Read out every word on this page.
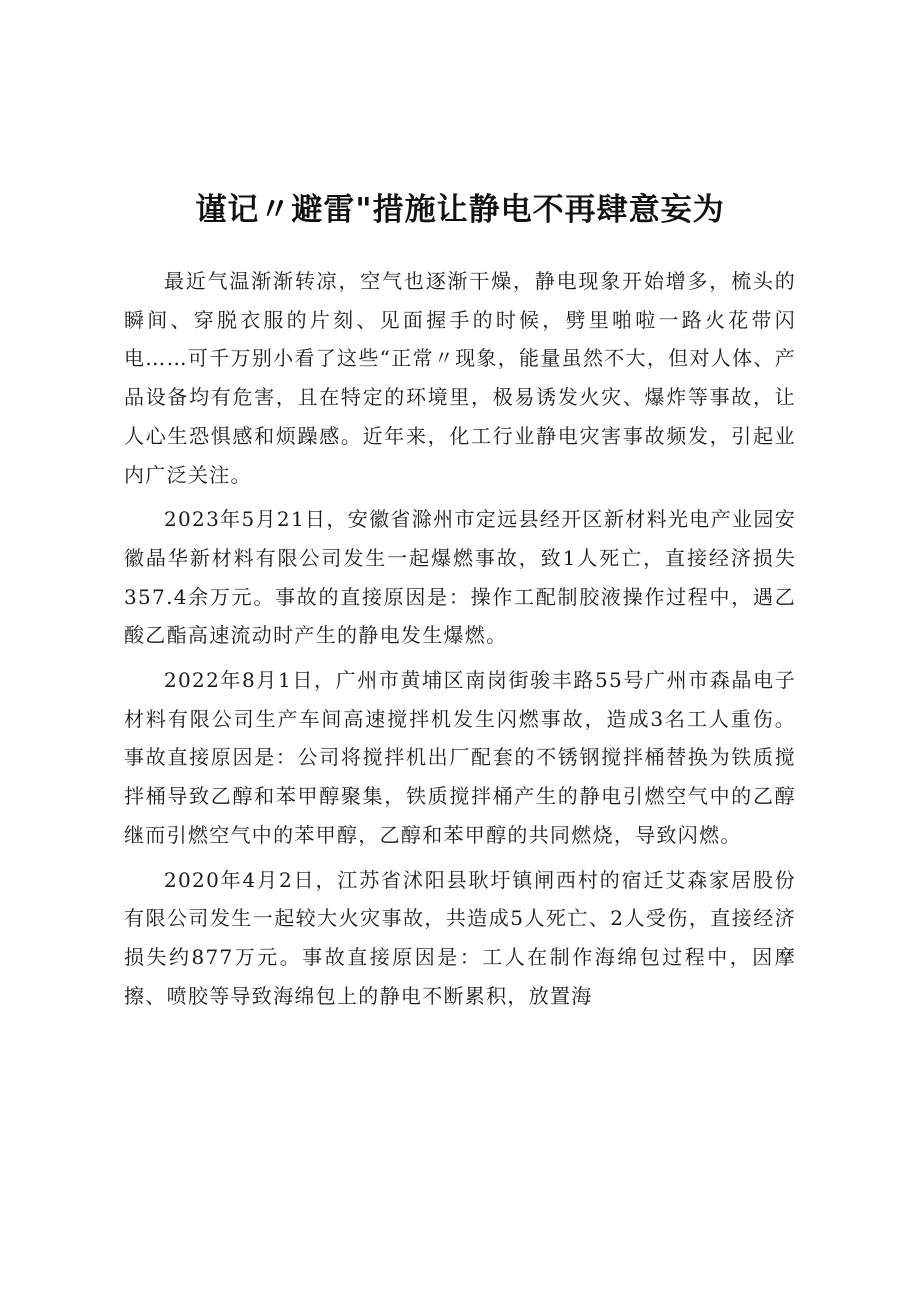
谨记〃避雷"措施让静电不再肆意妄为

最近气温渐渐转凉，空气也逐渐干燥，静电现象开始增多，梳头的瞬间、穿脱衣服的片刻、见面握手的时候，劈里啪啦一路火花带闪电……可千万别小看了这些“正常〃现象，能量虽然不大，但对人体、产品设备均有危害，且在特定的环境里，极易诱发火灾、爆炸等事故，让人心生恐惧感和烦躁感。近年来，化工行业静电灾害事故频发，引起业内广泛关注。

2023年5月21日，安徽省滁州市定远县经开区新材料光电产业园安徽晶华新材料有限公司发生一起爆燃事故，致1人死亡，直接经济损失357.4余万元。事故的直接原因是：操作工配制胶液操作过程中，遇乙酸乙酯高速流动时产生的静电发生爆燃。

2022年8月1日，广州市黄埔区南岗街骏丰路55号广州市森晶电子材料有限公司生产车间高速搅拌机发生闪燃事故，造成3名工人重伤。事故直接原因是：公司将搅拌机出厂配套的不锈钢搅拌桶替换为铁质搅拌桶导致乙醇和苯甲醇聚集，铁质搅拌桶产生的静电引燃空气中的乙醇继而引燃空气中的苯甲醇，乙醇和苯甲醇的共同燃烧，导致闪燃。

2020年4月2日，江苏省沭阳县耿圩镇闸西村的宿迁艾森家居股份有限公司发生一起较大火灾事故，共造成5人死亡、2人受伤，直接经济损失约877万元。事故直接原因是：工人在制作海绵包过程中，因摩擦、喷胶等导致海绵包上的静电不断累积，放置海
